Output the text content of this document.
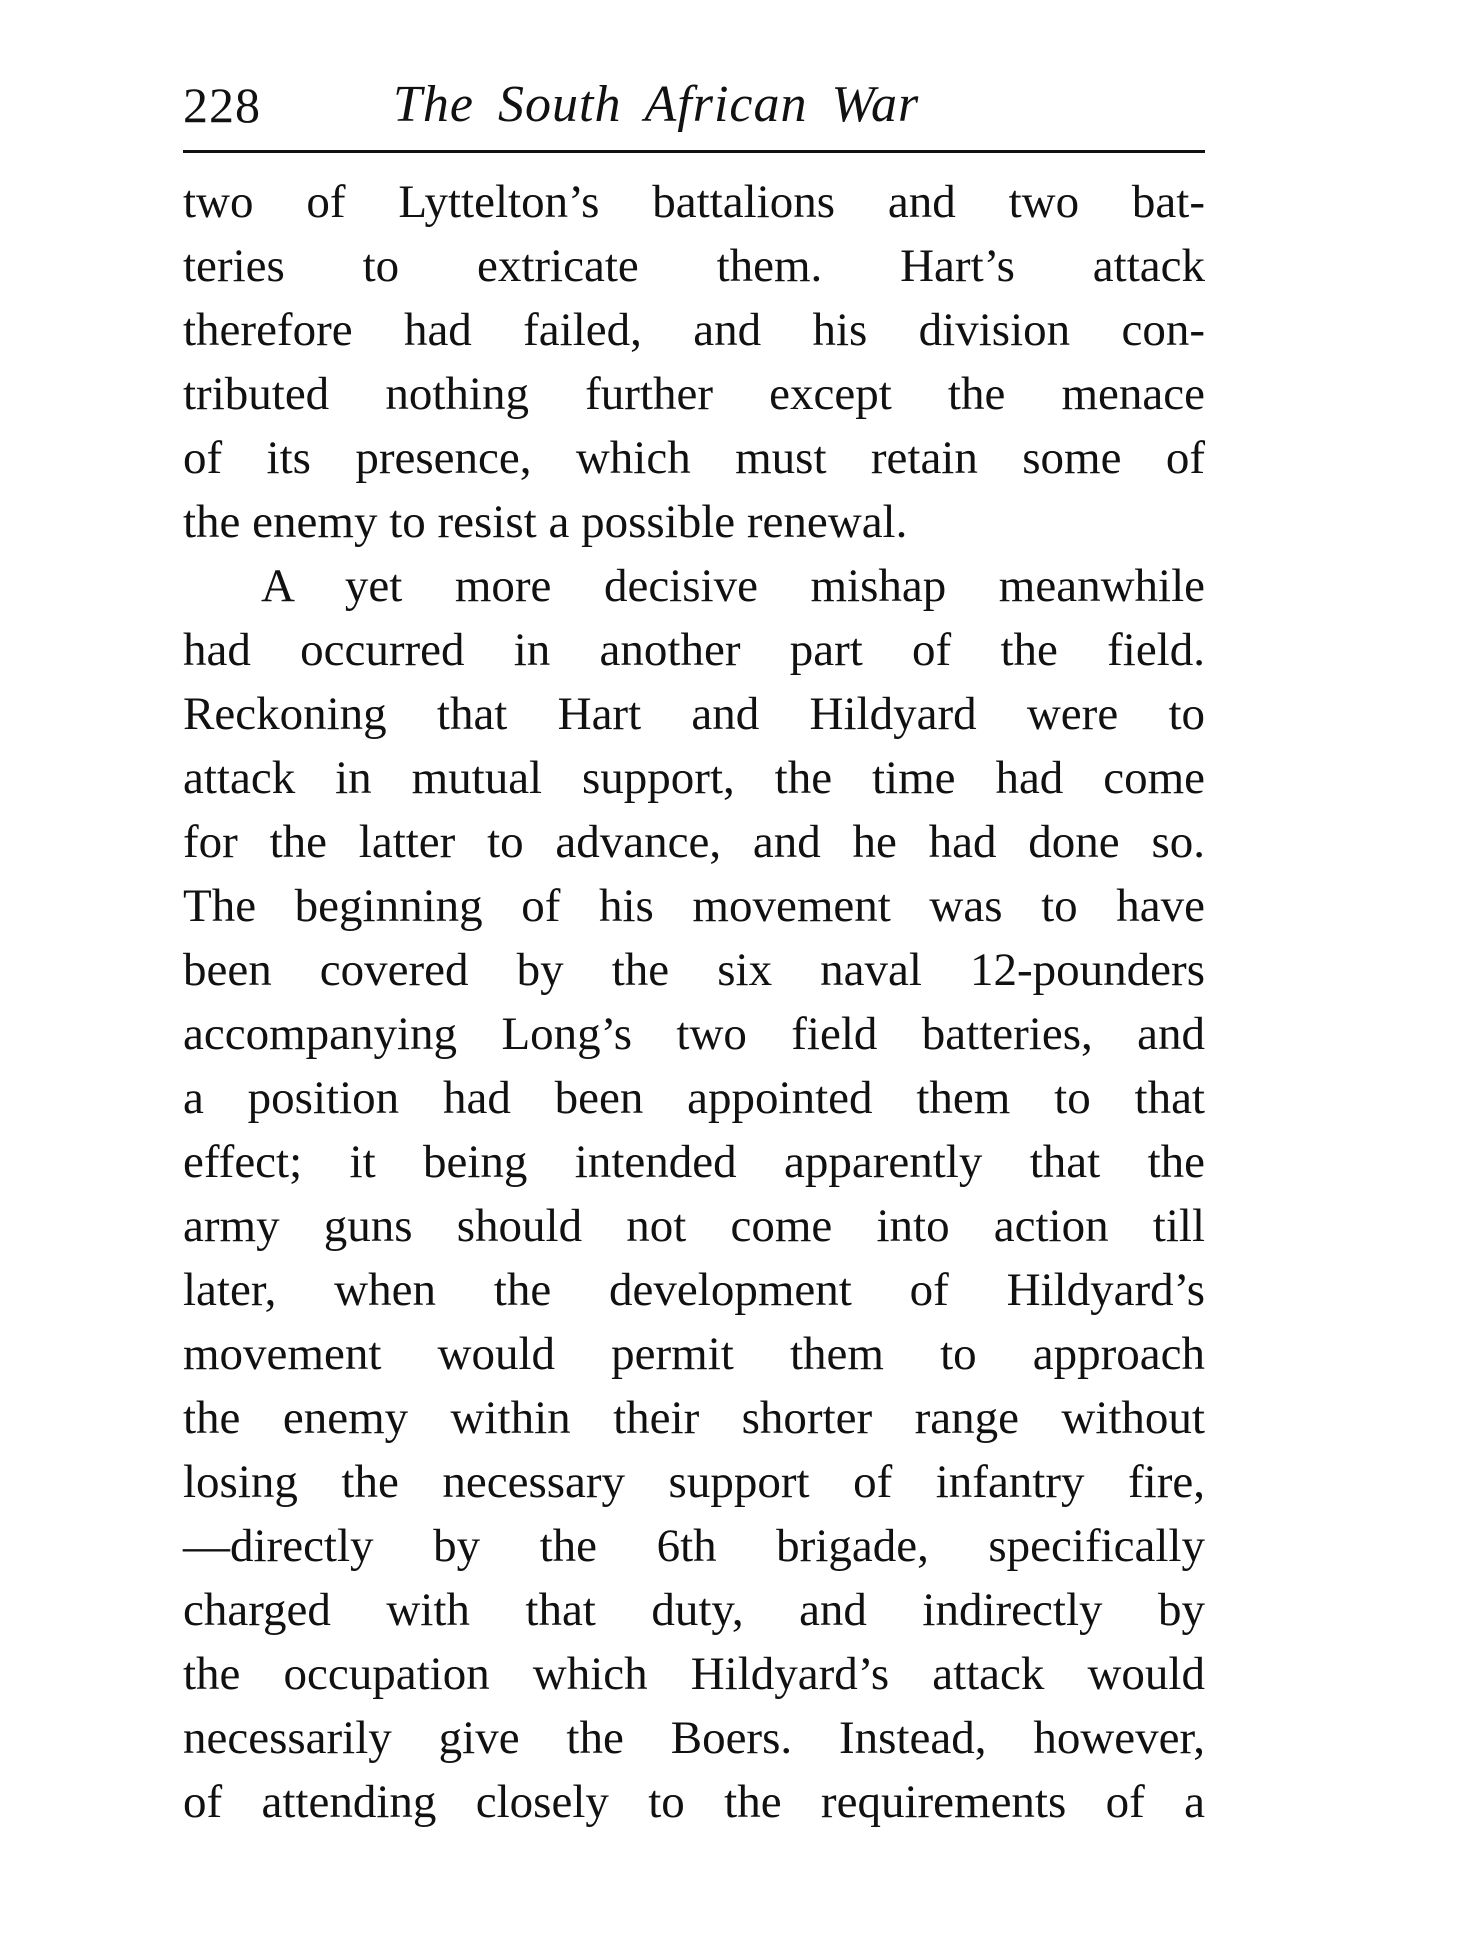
228	The South African War
two of Lyttelton’s battalions and two bat-
teries to extricate them. Hart’s attack
therefore had failed, and his division con-
tributed nothing further except the menace
of its presence, which must retain some of
the enemy to resist a possible renewal.
A yet more decisive mishap meanwhile
had occurred in another part of the field.
Reckoning that Hart and Hildyard were to
attack in mutual support, the time had come
for the latter to advance, and he had done so.
The beginning of his movement was to have
been covered by the six naval 12-pounders
accompanying Long’s two field batteries, and
a position had been appointed them to that
effect; it being intended apparently that the
army guns should not come into action till
later, when the development of Hildyard’s
movement would permit them to approach
the enemy within their shorter range without
losing the necessary support of infantry fire,
—directly by the 6th brigade, specifically
charged with that duty, and indirectly by
the occupation which Hildyard’s attack would
necessarily give the Boers. Instead, however,
of attending closely to the requirements of a
